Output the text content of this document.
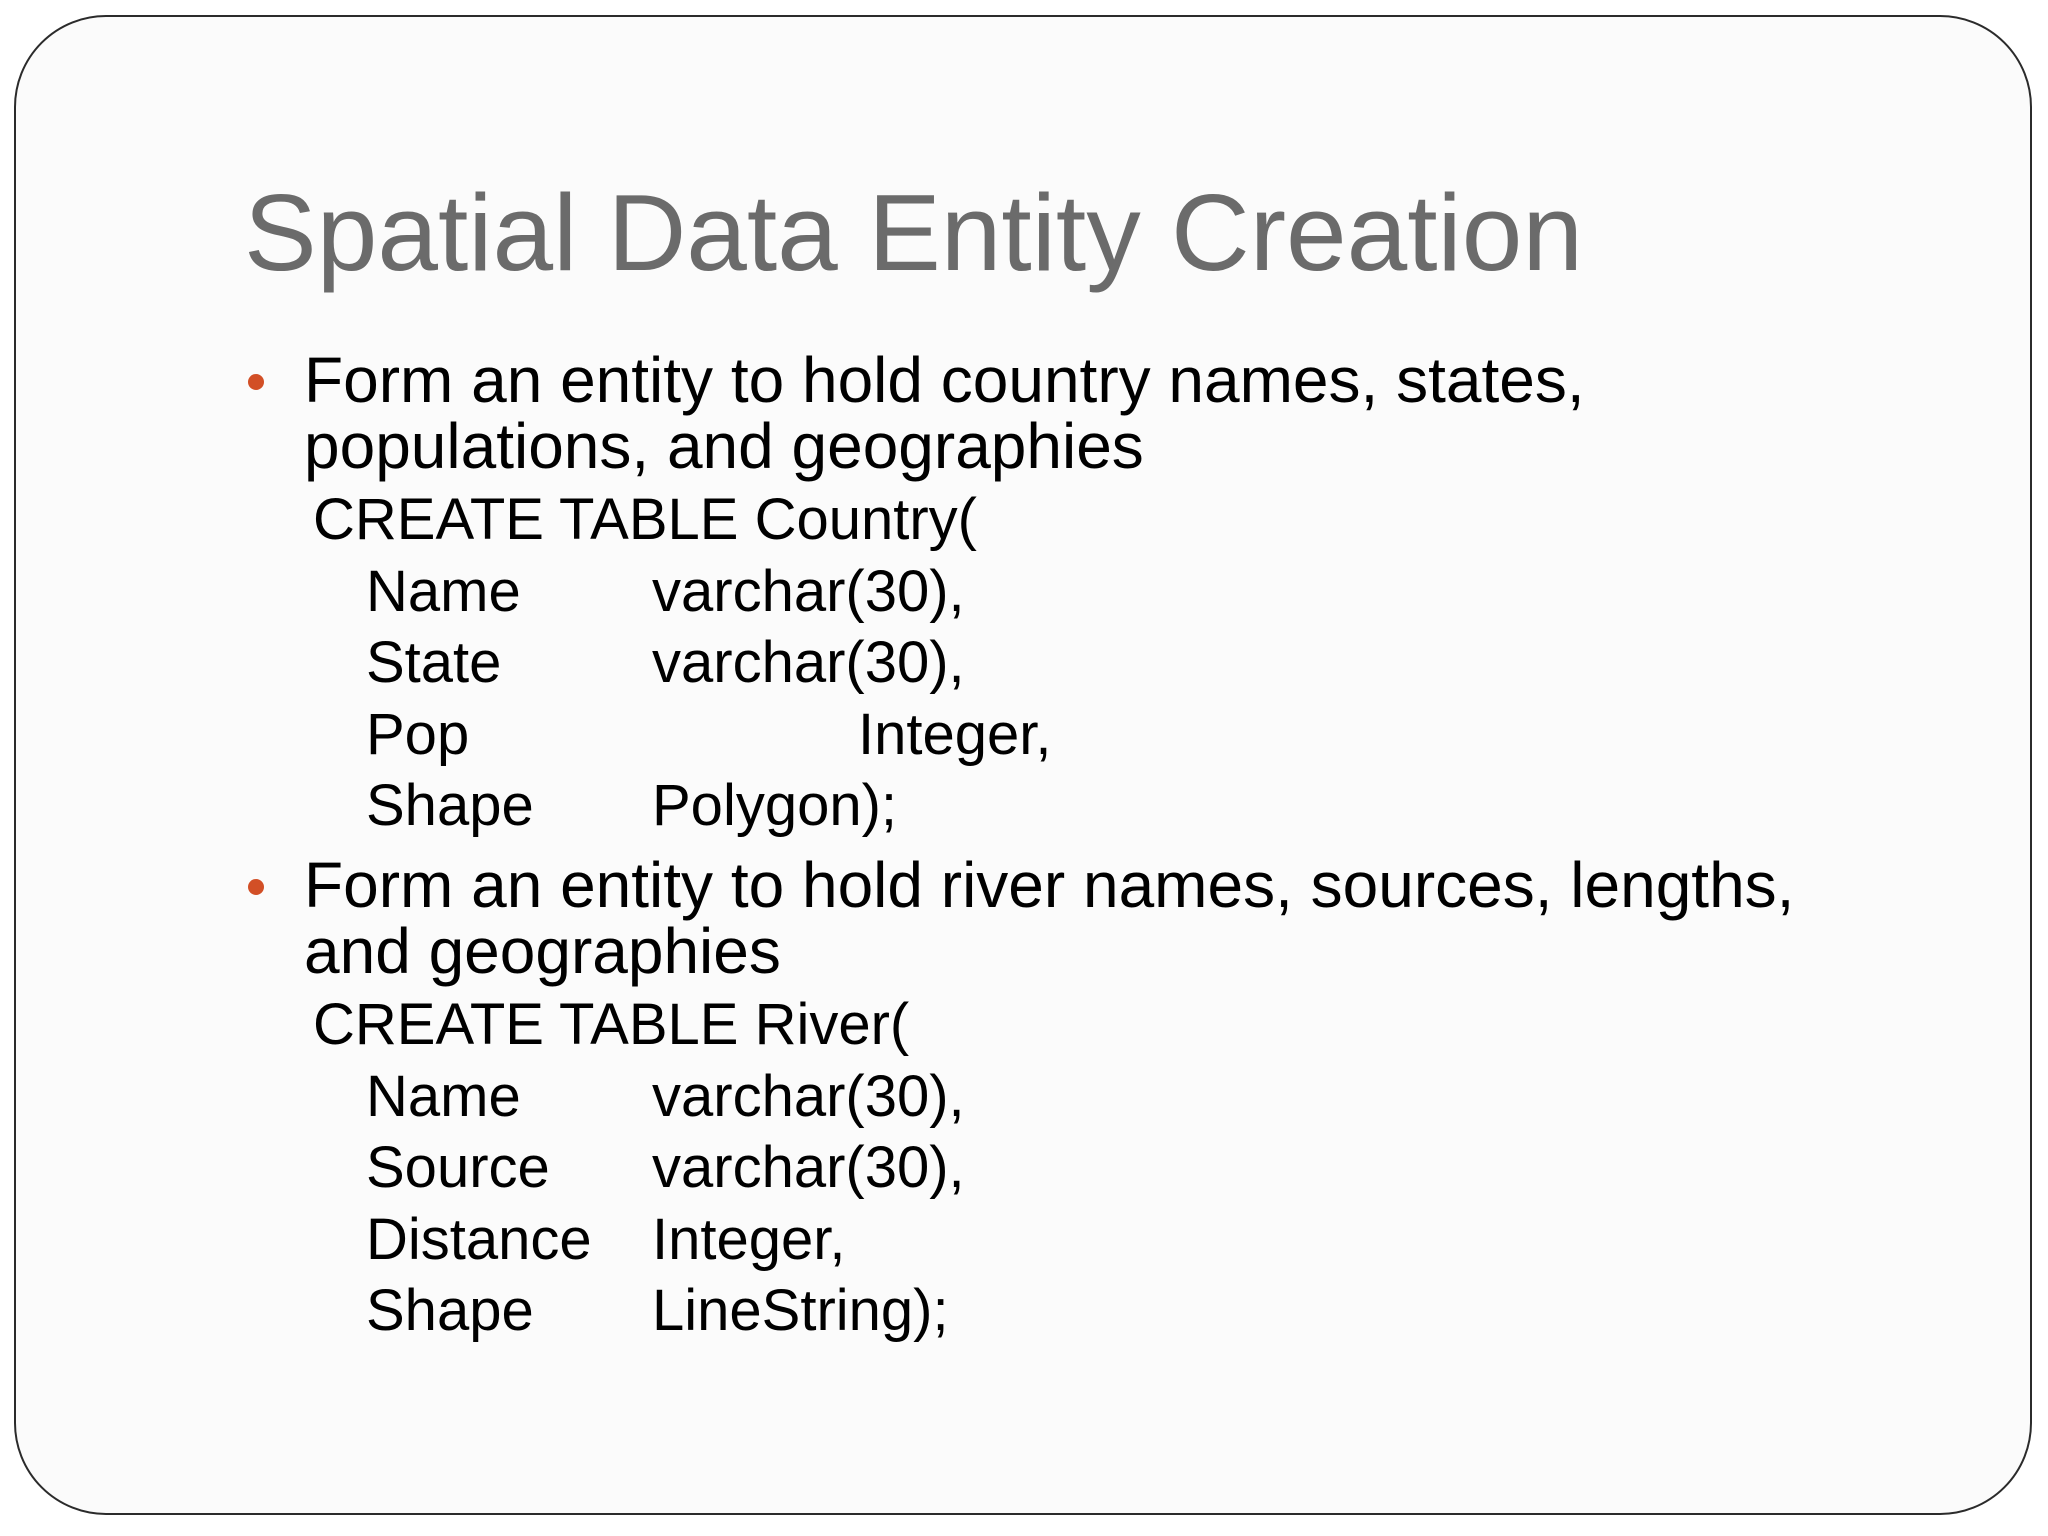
Spatial Data Entity Creation

Form an entity to hold country names, states,

populations, and geographies

CREATE TABLE Country(

Name varchar(30),
State	varchar(30),
Pop	Integer,
Shape Polygon);

Form an entity to hold river names, sources, lengths,

and geographies

CREATE TABLE River(

Name varchar(30),
Source varchar(30),
Distance Integer,
Shape LineString);
